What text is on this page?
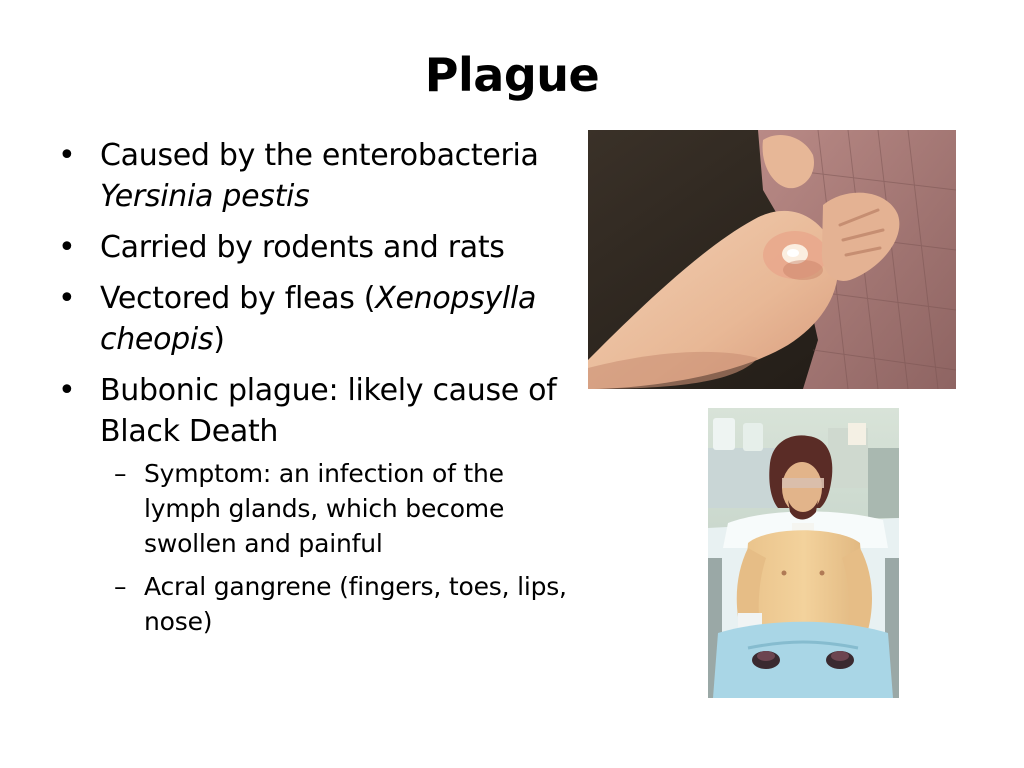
Plague
• Caused by the enterobacteria Yersinia pestis
• Carried by rodents and rats
• Vectored by fleas (Xenopsylla cheopis)
• Bubonic plague: likely cause of Black Death
– Symptom: an infection of the lymph glands, which become swollen and painful
– Acral gangrene (fingers, toes, lips, nose)
